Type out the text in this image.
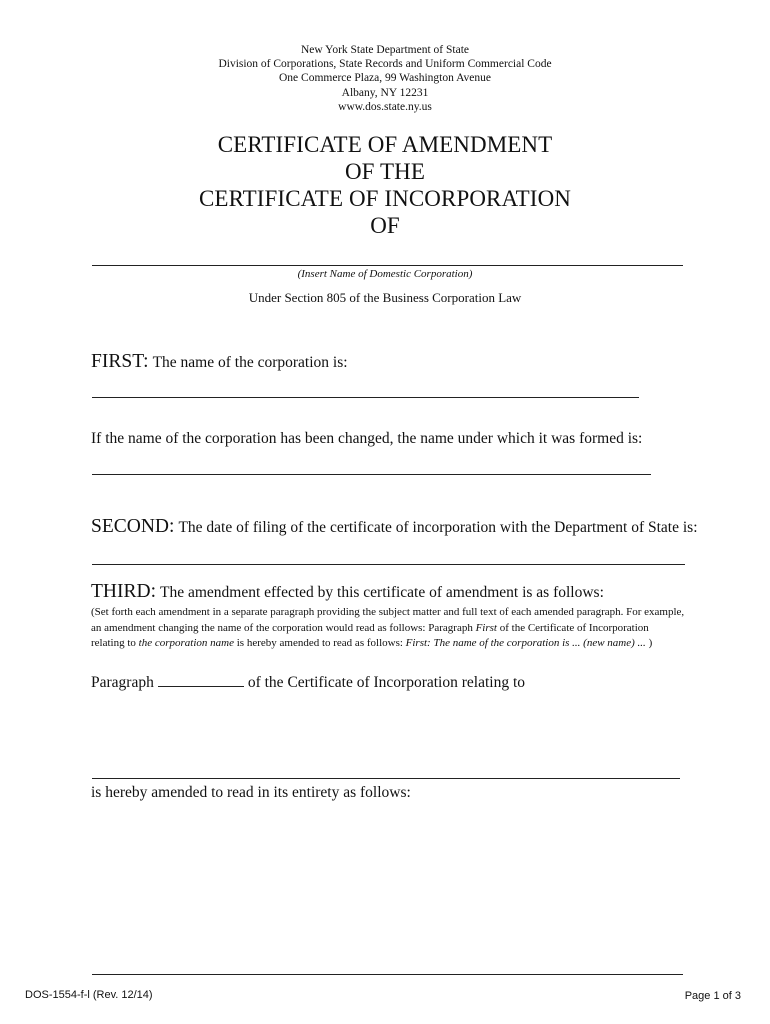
New York State Department of State
Division of Corporations, State Records and Uniform Commercial Code
One Commerce Plaza, 99 Washington Avenue
Albany, NY 12231
www.dos.state.ny.us
CERTIFICATE OF AMENDMENT
OF THE
CERTIFICATE OF INCORPORATION
OF
(Insert Name of Domestic Corporation)
Under Section 805 of the Business Corporation Law
FIRST: The name of the corporation is:
If the name of the corporation has been changed, the name under which it was formed is:
SECOND: The date of filing of the certificate of incorporation with the Department of State is:
THIRD: The amendment effected by this certificate of amendment is as follows:
(Set forth each amendment in a separate paragraph providing the subject matter and full text of each amended paragraph. For example, an amendment changing the name of the corporation would read as follows: Paragraph First of the Certificate of Incorporation relating to the corporation name is hereby amended to read as follows: First: The name of the corporation is ... (new name) ... )
Paragraph	of the Certificate of Incorporation relating to
is hereby amended to read in its entirety as follows:
DOS-1554-f-l (Rev. 12/14)	Page 1 of 3
